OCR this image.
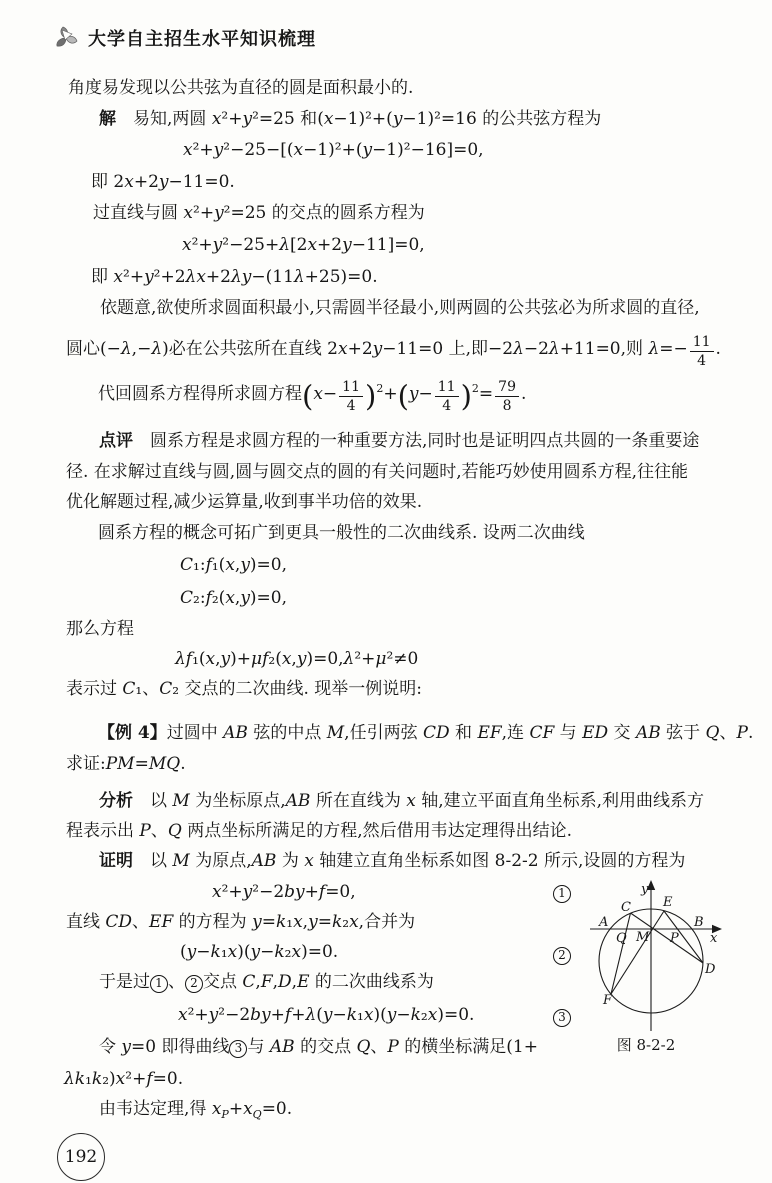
大学自主招生水平知识梳理
角度易发现以公共弦为直径的圆是面积最小的.
解　易知,两圆 x²+y²=25 和(x−1)²+(y−1)²=16 的公共弦方程为
x²+y²−25−[(x−1)²+(y−1)²−16]=0,
即 2x+2y−11=0.
过直线与圆 x²+y²=25 的交点的圆系方程为
x²+y²−25+λ[2x+2y−11]=0,
即 x²+y²+2λx+2λy−(11λ+25)=0.
依题意,欲使所求圆面积最小,只需圆半径最小,则两圆的公共弦必为所求圆的直径,
圆心(−λ,−λ)必在公共弦所在直线 2x+2y−11=0 上,即−2λ−2λ+11=0,则 $\lambda=- \frac{11}{4}$ .
代回圆系方程得所求圆方程$(x- \frac{11}{4} )^2+(y- \frac{11}{4} )^2= \frac{79}{8}$ .
点评　圆系方程是求圆方程的一种重要方法,同时也是证明四点共圆的一条重要途
径. 在求解过直线与圆,圆与圆交点的圆的有关问题时,若能巧妙使用圆系方程,往往能
优化解题过程,减少运算量,收到事半功倍的效果.
圆系方程的概念可拓广到更具一般性的二次曲线系. 设两二次曲线
C₁:f₁(x,y)=0,
C₂:f₂(x,y)=0,
那么方程
λf₁(x,y)+μf₂(x,y)=0,λ²+μ²≠0
表示过 C₁、C₂ 交点的二次曲线. 现举一例说明:
【例 4】过圆中 AB 弦的中点 M,任引两弦 CD 和 EF,连 CF 与 ED 交 AB 弦于 Q、P.
求证:PM=MQ.
分析　以 M 为坐标原点,AB 所在直线为 x 轴,建立平面直角坐标系,利用曲线系方
程表示出 P、Q 两点坐标所满足的方程,然后借用韦达定理得出结论.
证明　以 M 为原点,AB 为 x 轴建立直角坐标系如图 8-2-2 所示,设圆的方程为
x²+y²−2by+f=0,	1
直线 CD、EF 的方程为 y=k₁x,y=k₂x,合并为
(y−k₁x)(y−k₂x)=0.	2
于是过 1 、 2 交点 C,F,D,E 的二次曲线系为
x²+y²−2by+f+λ(y−k₁x)(y−k₂x)=0.	3
令 y=0 即得曲线 3 与 AB 的交点 Q、P 的横坐标满足(1+
λk₁k₂)x²+f=0.
由韦达定理,得 $x_P+x_Q=0$.
A	B
C
D
E
F
M P
Q	x
y
图 8-2-2
192
